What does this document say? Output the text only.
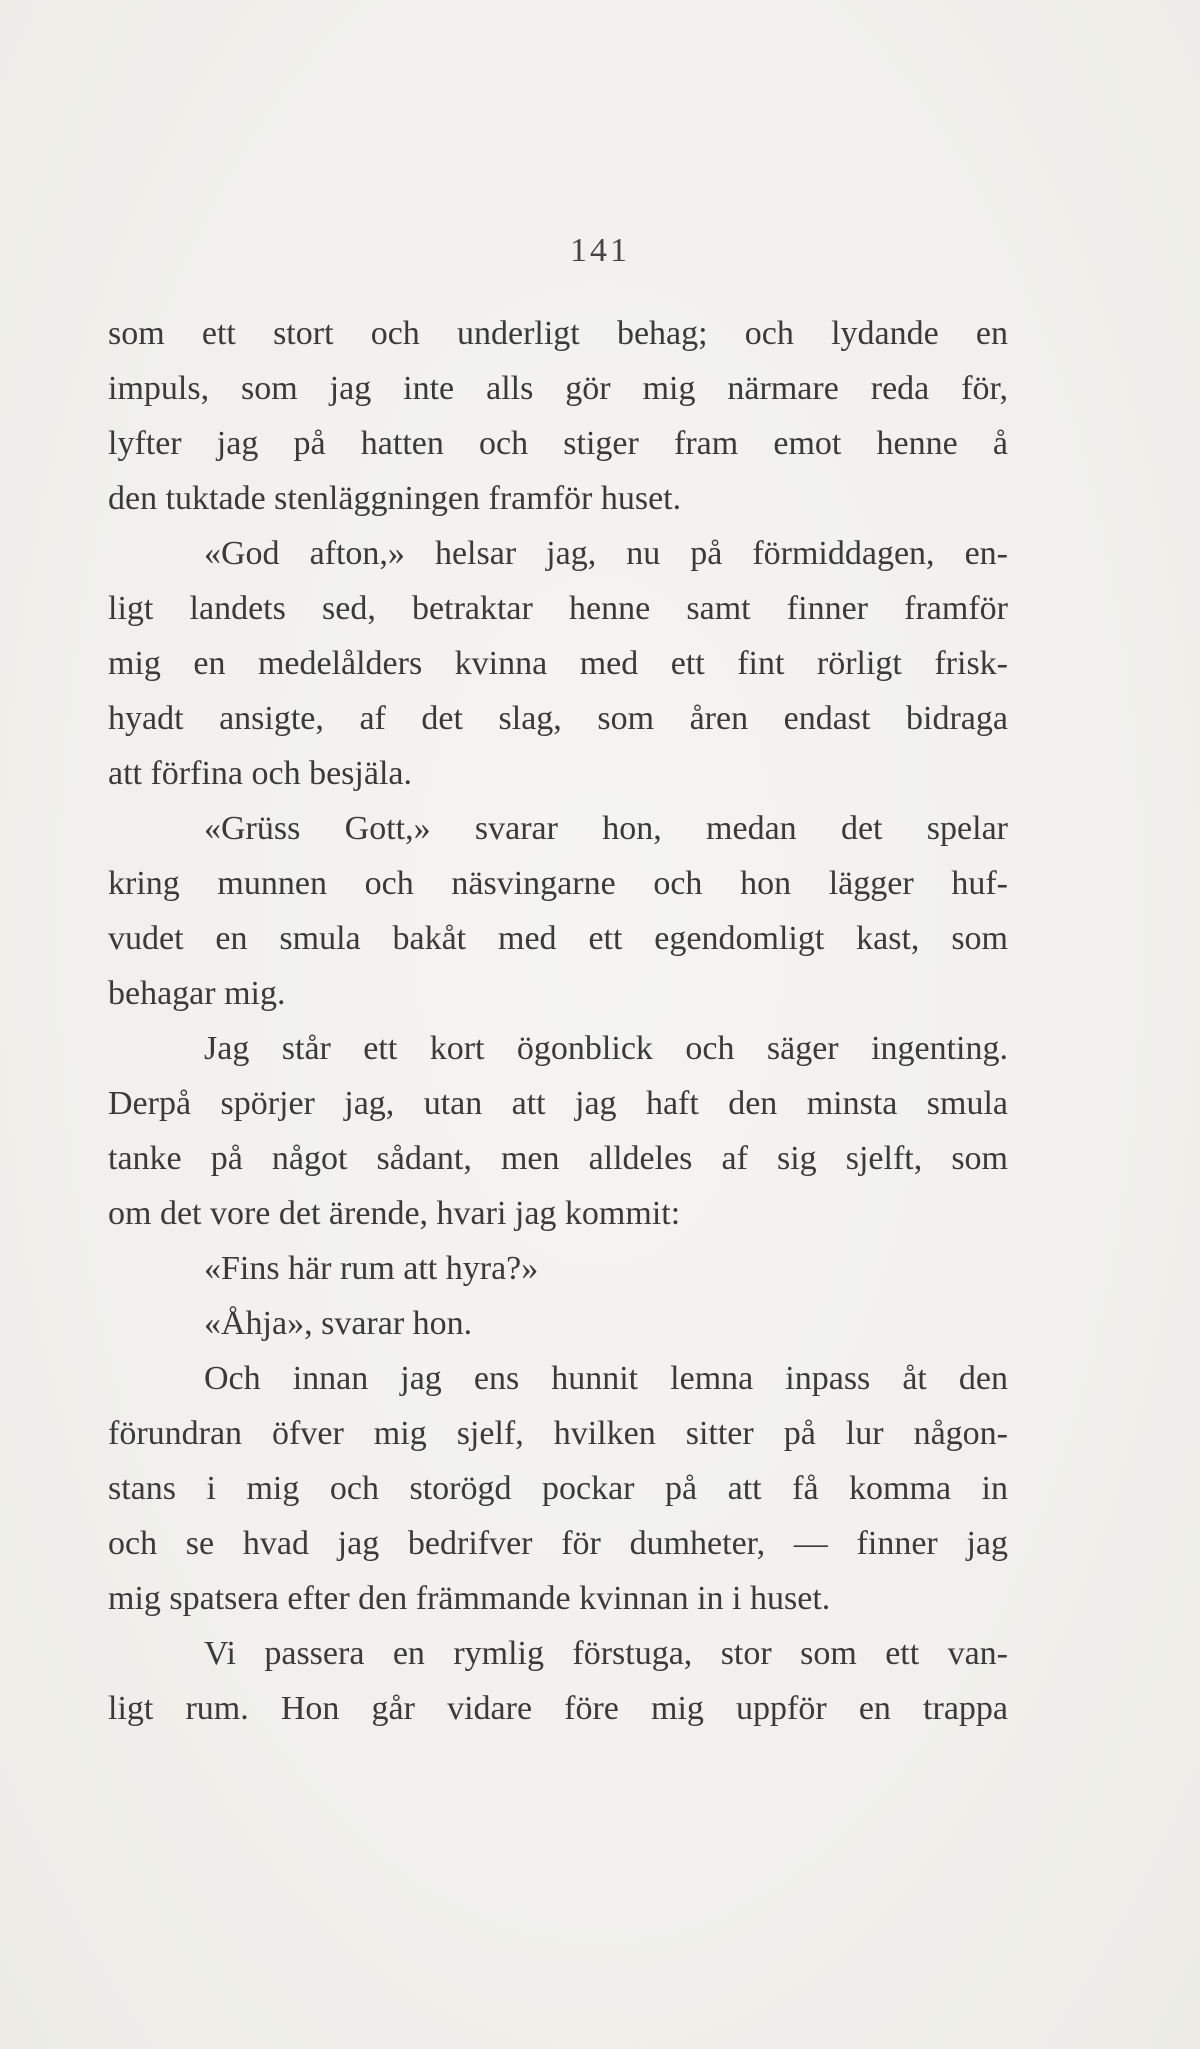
141
som ett stort och underligt behag; och lydande en
impuls, som jag inte alls gör mig närmare reda för,
lyfter jag på hatten och stiger fram emot henne å
den tuktade stenläggningen framför huset.
«God afton,» helsar jag, nu på förmiddagen, en-
ligt landets sed, betraktar henne samt finner framför
mig en medelålders kvinna med ett fint rörligt frisk-
hyadt ansigte, af det slag, som åren endast bidraga
att förfina och besjäla.
«Grüss Gott,» svarar hon, medan det spelar
kring munnen och näsvingarne och hon lägger huf-
vudet en smula bakåt med ett egendomligt kast, som
behagar mig.
Jag står ett kort ögonblick och säger ingenting.
Derpå spörjer jag, utan att jag haft den minsta smula
tanke på något sådant, men alldeles af sig sjelft, som
om det vore det ärende, hvari jag kommit:
«Fins här rum att hyra?»
«Åhja», svarar hon.
Och innan jag ens hunnit lemna inpass åt den
förundran öfver mig sjelf, hvilken sitter på lur någon-
stans i mig och storögd pockar på att få komma in
och se hvad jag bedrifver för dumheter, — finner jag
mig spatsera efter den främmande kvinnan in i huset.
Vi passera en rymlig förstuga, stor som ett van-
ligt rum. Hon går vidare före mig uppför en trappa
